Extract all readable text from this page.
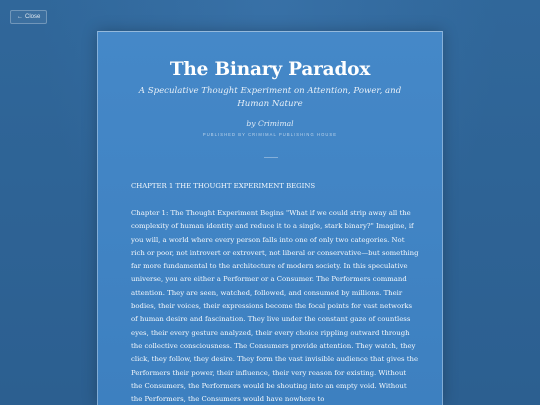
← Close
The Binary Paradox
A Speculative Thought Experiment on Attention, Power, and Human Nature
by Crimimal
PUBLISHED BY CRIMIMAL PUBLISHING HOUSE
CHAPTER 1 THE THOUGHT EXPERIMENT BEGINS

Chapter 1: The Thought Experiment Begins "What if we could strip away all the complexity of human identity and reduce it to a single, stark binary?" Imagine, if you will, a world where every person falls into one of only two categories. Not rich or poor, not introvert or extrovert, not liberal or conservative—but something far more fundamental to the architecture of modern society. In this speculative universe, you are either a Performer or a Consumer. The Performers command attention. They are seen, watched, followed, and consumed by millions. Their bodies, their voices, their expressions become the focal points for vast networks of human desire and fascination. They live under the constant gaze of countless eyes, their every gesture analyzed, their every choice rippling outward through the collective consciousness. The Consumers provide attention. They watch, they click, they follow, they desire. They form the vast invisible audience that gives the Performers their power, their influence, their very reason for existing. Without the Consumers, the Performers would be shouting into an empty void. Without the Performers, the Consumers would have nowhere to
